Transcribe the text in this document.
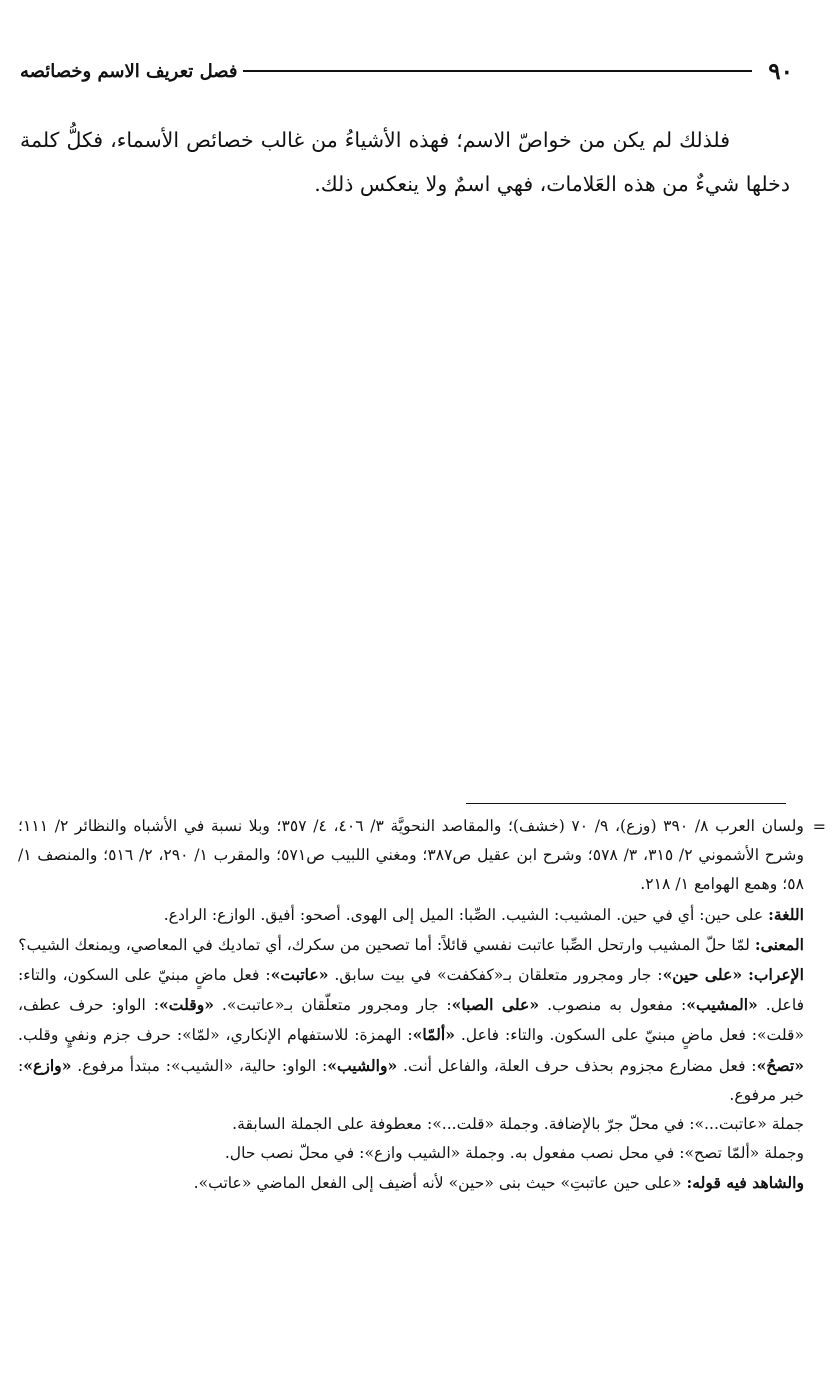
٩٠
فصل تعريف الاسم وخصائصه

فلذلك لم يكن من خواصّ الاسم؛ فهذه الأشياءُ من غالب خصائص الأسماء، فكلُّ كلمة دخلها شيءٌ من هذه العَلامات، فهي اسمٌ ولا ينعكس ذلك.

=
ولسان العرب ٨/ ٣٩٠ (وزع)، ٩/ ٧٠ (خشف)؛ والمقاصد النحويَّة ٣/ ٤٠٦، ٤/ ٣٥٧؛ وبلا نسبة في الأشباه والنظائر ٢/ ١١١؛ وشرح الأشموني ٢/ ٣١٥، ٣/ ٥٧٨؛ وشرح ابن عقيل ص٣٨٧؛ ومغني اللبيب ص٥٧١؛ والمقرب ١/ ٢٩٠، ٢/ ٥١٦؛ والمنصف ١/ ٥٨؛ وهمع الهوامع ١/ ٢١٨.

اللغة: على حين: أي في حين. المشيب: الشيب. الصِّبا: الميل إلى الهوى. أصحو: أفيق. الوازع: الرادع.

المعنى: لمّا حلّ المشيب وارتحل الصِّبا عاتبت نفسي قائلاً: أما تصحين من سكرك، أي تماديك في المعاصي، ويمنعك الشيب؟

الإعراب: «على حين»: جار ومجرور متعلقان بـ«كفكفت» في بيت سابق. «عاتبت»: فعل ماضٍ مبنيّ على السكون، والتاء: فاعل. «المشيب»: مفعول به منصوب. «على الصبا»: جار ومجرور متعلّقان بـ«عاتبت». «وقلت»: الواو: حرف عطف، «قلت»: فعل ماضٍ مبنيّ على السكون. والتاء: فاعل. «ألمّا»: الهمزة: للاستفهام الإنكاري، «لمّا»: حرف جزم ونفيٍ وقلب. «تصحُ»: فعل مضارع مجزوم بحذف حرف العلة، والفاعل أنت. «والشيب»: الواو: حالية، «الشيب»: مبتدأ مرفوع. «وازع»: خبر مرفوع.

جملة «عاتبت...»: في محلّ جرّ بالإضافة. وجملة «قلت...»: معطوفة على الجملة السابقة.

وجملة «ألمّا تصح»: في محل نصب مفعول به. وجملة «الشيب وازع»: في محلّ نصب حال.

والشاهد فيه قوله: «على حين عاتبتِ» حيث بنى «حين» لأنه أضيف إلى الفعل الماضي «عاتب».
